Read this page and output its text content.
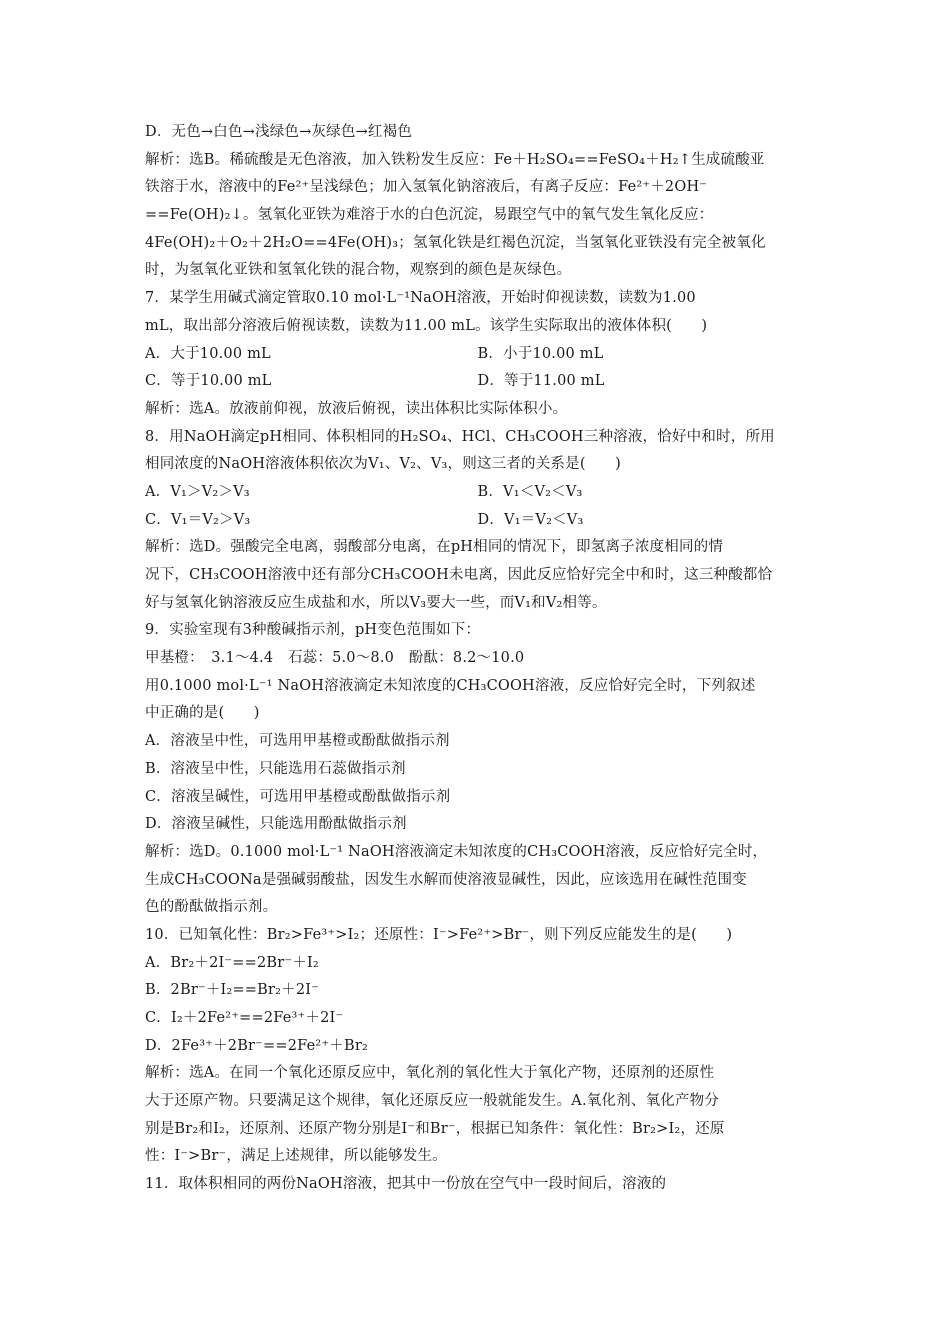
D．无色→白色→浅绿色→灰绿色→红褐色
解析：选B。稀硫酸是无色溶液，加入铁粉发生反应：Fe＋H₂SO₄==FeSO₄＋H₂↑生成硫酸亚
铁溶于水，溶液中的Fe²⁺呈浅绿色；加入氢氧化钠溶液后，有离子反应：Fe²⁺＋2OH⁻
==Fe(OH)₂↓。氢氧化亚铁为难溶于水的白色沉淀，易跟空气中的氧气发生氧化反应：
4Fe(OH)₂＋O₂＋2H₂O==4Fe(OH)₃；氢氧化铁是红褐色沉淀，当氢氧化亚铁没有完全被氧化
时，为氢氧化亚铁和氢氧化铁的混合物，观察到的颜色是灰绿色。
7．某学生用碱式滴定管取0.10 mol·L⁻¹NaOH溶液，开始时仰视读数，读数为1.00
mL，取出部分溶液后俯视读数，读数为11.00 mL。该学生实际取出的液体体积(　　)
A．大于10.00 mL	B．小于10.00 mL
C．等于10.00 mL	D．等于11.00 mL
解析：选A。放液前仰视，放液后俯视，读出体积比实际体积小。
8．用NaOH滴定pH相同、体积相同的H₂SO₄、HCl、CH₃COOH三种溶液，恰好中和时，所用
相同浓度的NaOH溶液体积依次为V₁、V₂、V₃，则这三者的关系是(　　)
A．V₁＞V₂＞V₃	B．V₁＜V₂＜V₃
C．V₁＝V₂＞V₃	D．V₁＝V₂＜V₃
解析：选D。强酸完全电离，弱酸部分电离，在pH相同的情况下，即氢离子浓度相同的情
况下，CH₃COOH溶液中还有部分CH₃COOH未电离，因此反应恰好完全中和时，这三种酸都恰
好与氢氧化钠溶液反应生成盐和水，所以V₃要大一些，而V₁和V₂相等。
9．实验室现有3种酸碱指示剂，pH变色范围如下：
甲基橙：　3.1～4.4　石蕊：5.0～8.0　酚酞：8.2～10.0
用0.1000 mol·L⁻¹ NaOH溶液滴定未知浓度的CH₃COOH溶液，反应恰好完全时，下列叙述
中正确的是(　　)
A．溶液呈中性，可选用甲基橙或酚酞做指示剂
B．溶液呈中性，只能选用石蕊做指示剂
C．溶液呈碱性，可选用甲基橙或酚酞做指示剂
D．溶液呈碱性，只能选用酚酞做指示剂
解析：选D。0.1000 mol·L⁻¹ NaOH溶液滴定未知浓度的CH₃COOH溶液，反应恰好完全时，
生成CH₃COONa是强碱弱酸盐，因发生水解而使溶液显碱性，因此，应该选用在碱性范围变
色的酚酞做指示剂。
10．已知氧化性：Br₂>Fe³⁺>I₂；还原性：I⁻>Fe²⁺>Br⁻，则下列反应能发生的是(　　)
A．Br₂＋2I⁻==2Br⁻＋I₂
B．2Br⁻＋I₂==Br₂＋2I⁻
C．I₂＋2Fe²⁺==2Fe³⁺＋2I⁻
D．2Fe³⁺＋2Br⁻==2Fe²⁺＋Br₂
解析：选A。在同一个氧化还原反应中，氧化剂的氧化性大于氧化产物，还原剂的还原性
大于还原产物。只要满足这个规律，氧化还原反应一般就能发生。A.氧化剂、氧化产物分
别是Br₂和I₂，还原剂、还原产物分别是I⁻和Br⁻，根据已知条件：氧化性：Br₂>I₂，还原
性：I⁻>Br⁻，满足上述规律，所以能够发生。
11．取体积相同的两份NaOH溶液，把其中一份放在空气中一段时间后，溶液的
